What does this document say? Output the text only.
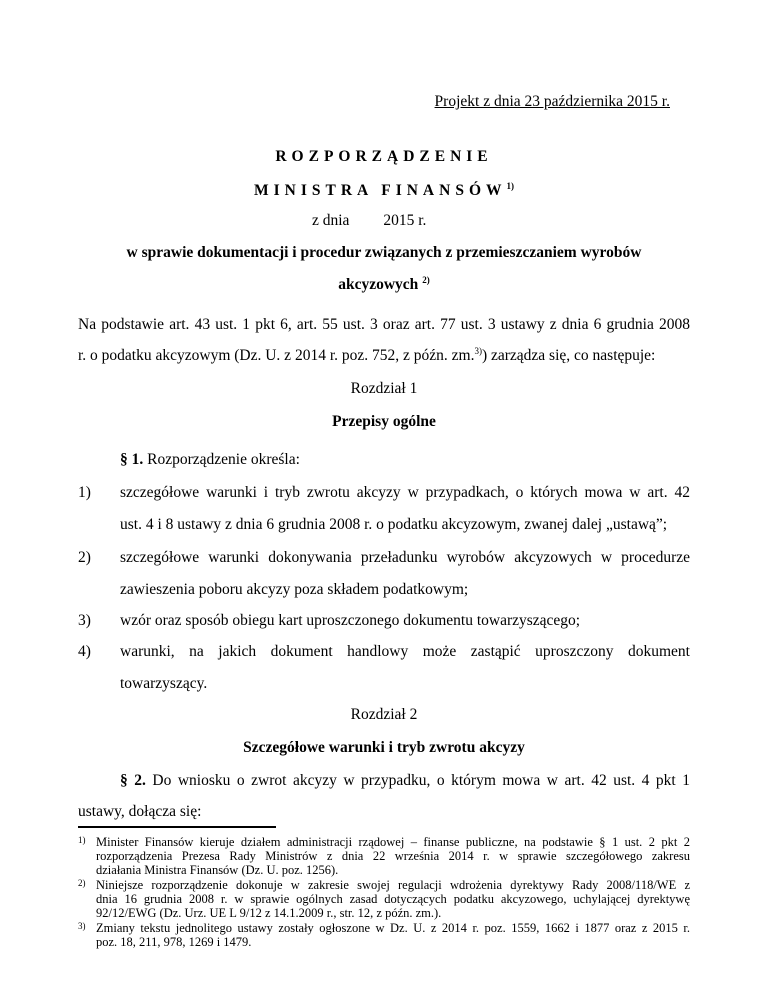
Projekt z dnia 23 października 2015 r.
ROZPORZĄDZENIE
MINISTRA FINANSÓW$^{1)}$
z dnia 2015 r.
w sprawie dokumentacji i procedur związanych z przemieszczaniem wyrobów
akcyzowych $^{2)}$
Na podstawie art. 43 ust. 1 pkt 6, art. 55 ust. 3 oraz art. 77 ust. 3 ustawy z dnia 6 grudnia 2008
r. o podatku akcyzowym (Dz. U. z 2014 r. poz. 752, z późn. zm.$^{3)}$) zarządza się, co następuje:
Rozdział 1
Przepisy ogólne
§ 1. Rozporządzenie określa:
1)	szczegółowe warunki i tryb zwrotu akcyzy w przypadkach, o których mowa w art. 42
ust. 4 i 8 ustawy z dnia 6 grudnia 2008 r. o podatku akcyzowym, zwanej dalej „ustawą”;
2)	szczegółowe warunki dokonywania przeładunku wyrobów akcyzowych w procedurze
zawieszenia poboru akcyzy poza składem podatkowym;
3)	wzór oraz sposób obiegu kart uproszczonego dokumentu towarzyszącego;
4)	warunki, na jakich dokument handlowy może zastąpić uproszczony dokument
towarzyszący.
Rozdział 2
Szczegółowe warunki i tryb zwrotu akcyzy
§ 2. Do wniosku o zwrot akcyzy w przypadku, o którym mowa w art. 42 ust. 4 pkt 1
ustawy, dołącza się:
1) Minister Finansów kieruje działem administracji rządowej – finanse publiczne, na podstawie § 1 ust. 2 pkt 2
rozporządzenia Prezesa Rady Ministrów z dnia 22 września 2014 r. w sprawie szczegółowego zakresu
działania Ministra Finansów (Dz. U. poz. 1256).
2) Niniejsze rozporządzenie dokonuje w zakresie swojej regulacji wdrożenia dyrektywy Rady 2008/118/WE z
dnia 16 grudnia 2008 r. w sprawie ogólnych zasad dotyczących podatku akcyzowego, uchylającej dyrektywę
92/12/EWG (Dz. Urz. UE L 9/12 z 14.1.2009 r., str. 12, z późn. zm.).
3) Zmiany tekstu jednolitego ustawy zostały ogłoszone w Dz. U. z 2014 r. poz. 1559, 1662 i 1877 oraz z 2015 r.
poz. 18, 211, 978, 1269 i 1479.
